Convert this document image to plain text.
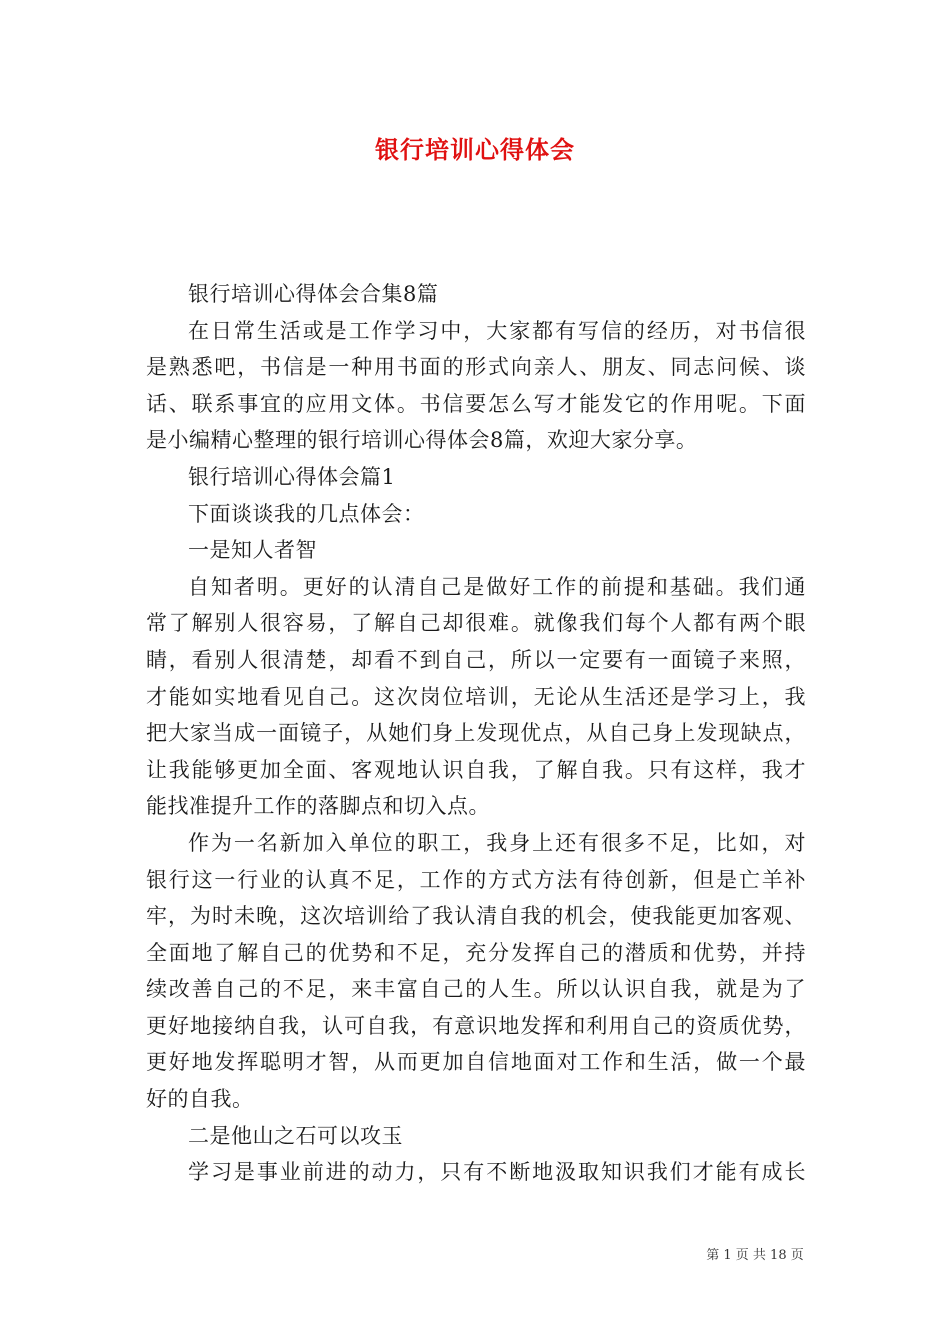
银行培训心得体会
银行培训心得体会合集8篇
在日常生活或是工作学习中，大家都有写信的经历，对书信很
是熟悉吧，书信是一种用书面的形式向亲人、朋友、同志问候、谈
话、联系事宜的应用文体。书信要怎么写才能发它的作用呢。下面
是小编精心整理的银行培训心得体会8篇，欢迎大家分享。
银行培训心得体会篇1
下面谈谈我的几点体会：
一是知人者智
自知者明。更好的认清自己是做好工作的前提和基础。我们通
常了解别人很容易，了解自己却很难。就像我们每个人都有两个眼
睛，看别人很清楚，却看不到自己，所以一定要有一面镜子来照，
才能如实地看见自己。这次岗位培训，无论从生活还是学习上，我
把大家当成一面镜子，从她们身上发现优点，从自己身上发现缺点，
让我能够更加全面、客观地认识自我，了解自我。只有这样，我才
能找准提升工作的落脚点和切入点。
作为一名新加入单位的职工，我身上还有很多不足，比如，对
银行这一行业的认真不足，工作的方式方法有待创新，但是亡羊补
牢，为时未晚，这次培训给了我认清自我的机会，使我能更加客观、
全面地了解自己的优势和不足，充分发挥自己的潜质和优势，并持
续改善自己的不足，来丰富自己的人生。所以认识自我，就是为了
更好地接纳自我，认可自我，有意识地发挥和利用自己的资质优势，
更好地发挥聪明才智，从而更加自信地面对工作和生活，做一个最
好的自我。
二是他山之石可以攻玉
学习是事业前进的动力，只有不断地汲取知识我们才能有成长
第 1 页 共 18 页
